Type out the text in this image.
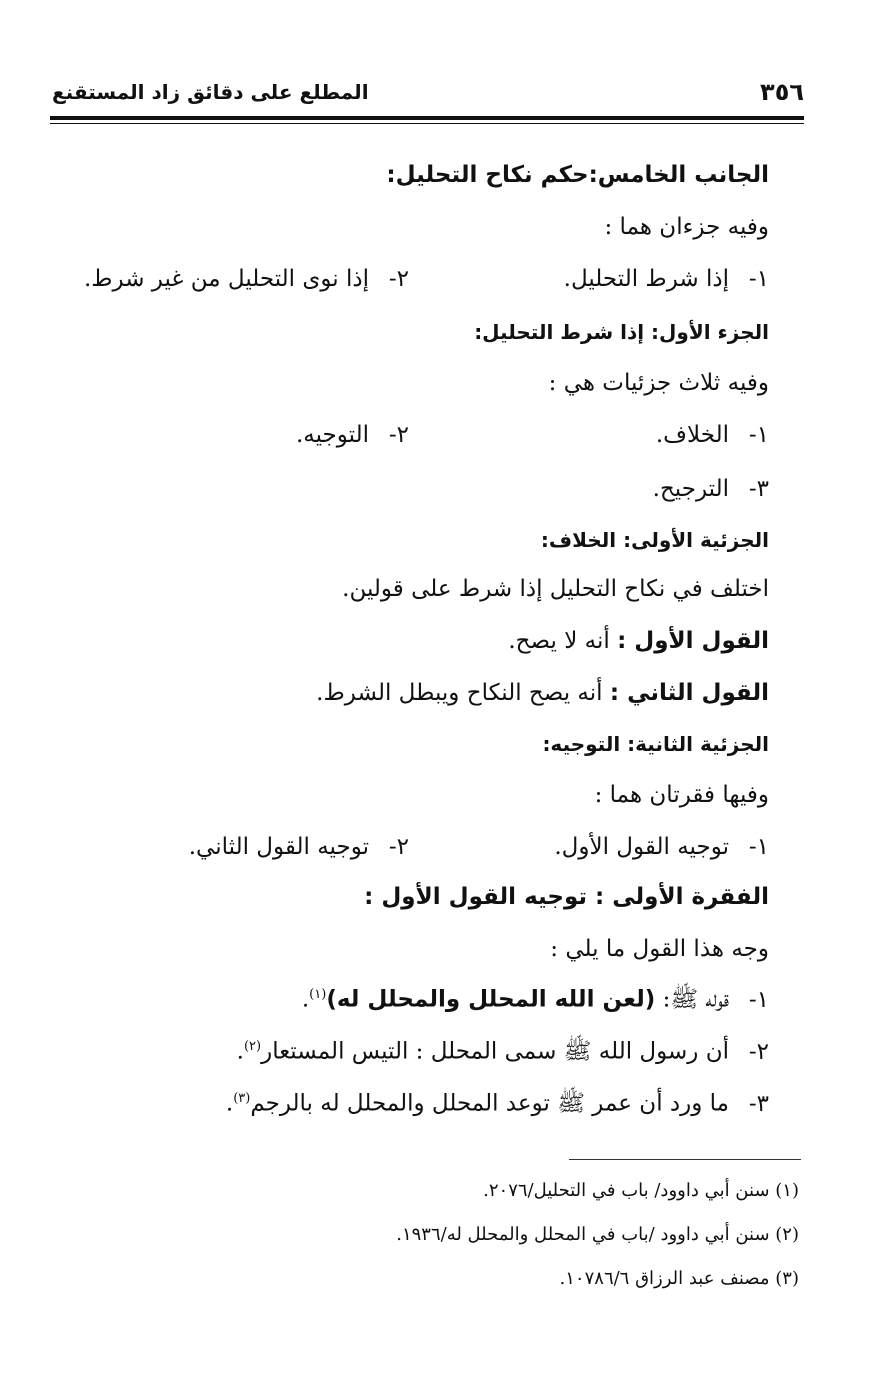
٣٥٦
المطلع على دقائق زاد المستقنع
الجانب الخامس:حكم نكاح التحليل:
وفيه جزءان هما :
١-إذا شرط التحليل.
٢-إذا نوى التحليل من غير شرط.
الجزء الأول: إذا شرط التحليل:
وفيه ثلاث جزئيات هي :
١-الخلاف.
٢-التوجيه.
٣-الترجيح.
الجزئية الأولى: الخلاف:
اختلف في نكاح التحليل إذا شرط على قولين.
القول الأول : أنه لا يصح.
القول الثاني : أنه يصح النكاح ويبطل الشرط.
الجزئية الثانية: التوجيه:
وفيها فقرتان هما :
١-توجيه القول الأول.
٢-توجيه القول الثاني.
الفقرة الأولى : توجيه القول الأول :
وجه هذا القول ما يلي :
١-قوله ﷺ: (لعن الله المحلل والمحلل له)$^{(١)}$.
٢-أن رسول الله ﷺ سمى المحلل : التيس المستعار$^{(٢)}$.
٣-ما ورد أن عمر ﷺ توعد المحلل والمحلل له بالرجم$^{(٣)}$.
(١) سنن أبي داوود/ باب في التحليل/٢٠٧٦.
(٢) سنن أبي داوود /باب في المحلل والمحلل له/١٩٣٦.
(٣) مصنف عبد الرزاق ١٠٧٨٦/٦.
